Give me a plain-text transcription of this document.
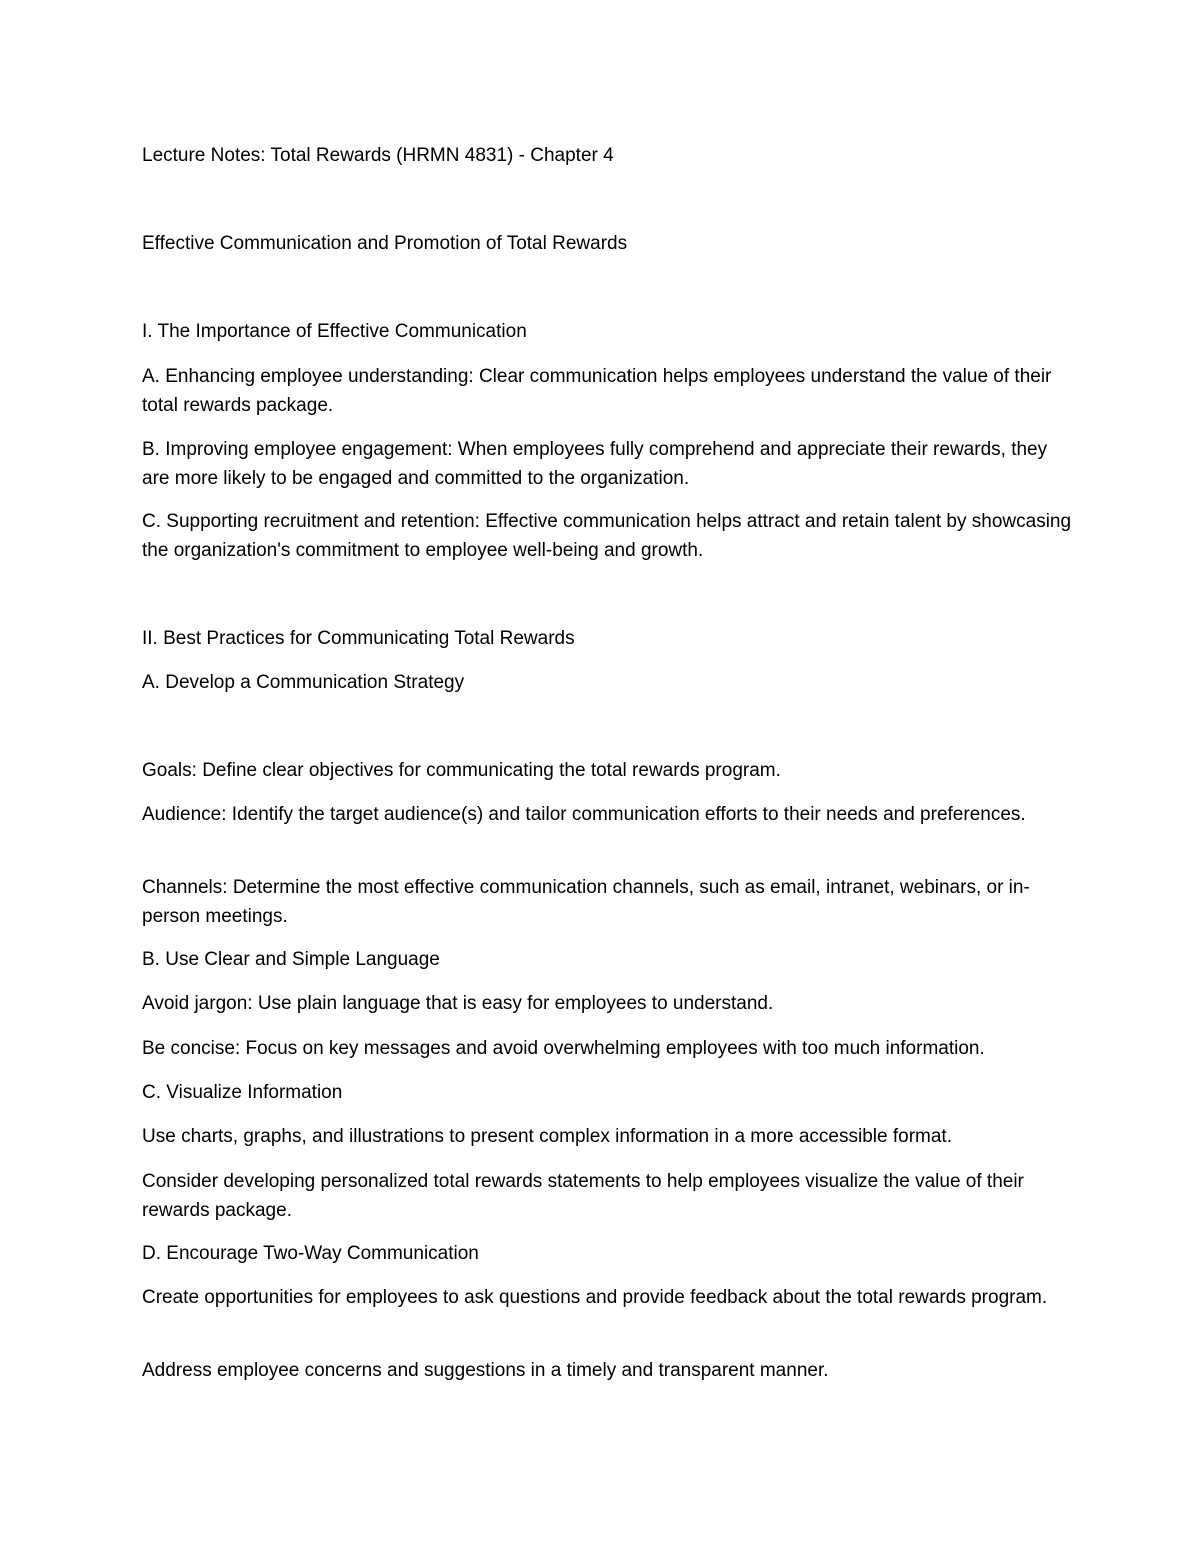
Lecture Notes: Total Rewards (HRMN 4831) - Chapter 4

Effective Communication and Promotion of Total Rewards

I. The Importance of Effective Communication

A. Enhancing employee understanding: Clear communication helps employees understand the value of their total rewards package.

B. Improving employee engagement: When employees fully comprehend and appreciate their rewards, they are more likely to be engaged and committed to the organization.

C. Supporting recruitment and retention: Effective communication helps attract and retain talent by showcasing the organization's commitment to employee well-being and growth.

II. Best Practices for Communicating Total Rewards

A. Develop a Communication Strategy

Goals: Define clear objectives for communicating the total rewards program.

Audience: Identify the target audience(s) and tailor communication efforts to their needs and preferences.

Channels: Determine the most effective communication channels, such as email, intranet, webinars, or in-person meetings.

B. Use Clear and Simple Language

Avoid jargon: Use plain language that is easy for employees to understand.

Be concise: Focus on key messages and avoid overwhelming employees with too much information.

C. Visualize Information

Use charts, graphs, and illustrations to present complex information in a more accessible format.

Consider developing personalized total rewards statements to help employees visualize the value of their rewards package.

D. Encourage Two-Way Communication

Create opportunities for employees to ask questions and provide feedback about the total rewards program.

Address employee concerns and suggestions in a timely and transparent manner.
